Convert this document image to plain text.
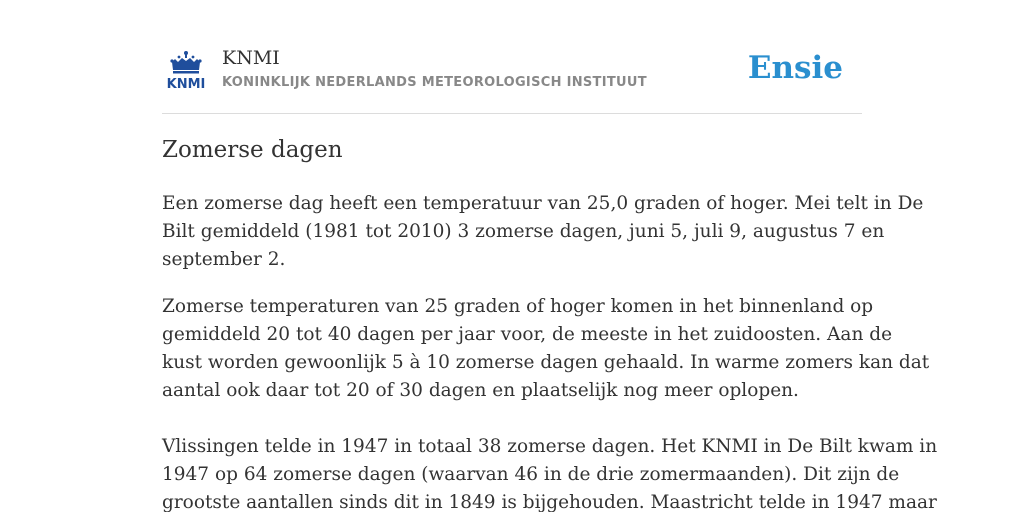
KNMI
KNMI
KONINKLIJK NEDERLANDS METEOROLOGISCH INSTITUUT	Ensie
Zomerse dagen

Een zomerse dag heeft een temperatuur van 25,0 graden of hoger. Mei telt in De
Bilt gemiddeld (1981 tot 2010) 3 zomerse dagen, juni 5, juli 9, augustus 7 en
september 2.

Zomerse temperaturen van 25 graden of hoger komen in het binnenland op
gemiddeld 20 tot 40 dagen per jaar voor, de meeste in het zuidoosten. Aan de
kust worden gewoonlijk 5 à 10 zomerse dagen gehaald. In warme zomers kan dat
aantal ook daar tot 20 of 30 dagen en plaatselijk nog meer oplopen.

Vlissingen telde in 1947 in totaal 38 zomerse dagen. Het KNMI in De Bilt kwam in
1947 op 64 zomerse dagen (waarvan 46 in de drie zomermaanden). Dit zijn de
grootste aantallen sinds dit in 1849 is bijgehouden. Maastricht telde in 1947 maar
